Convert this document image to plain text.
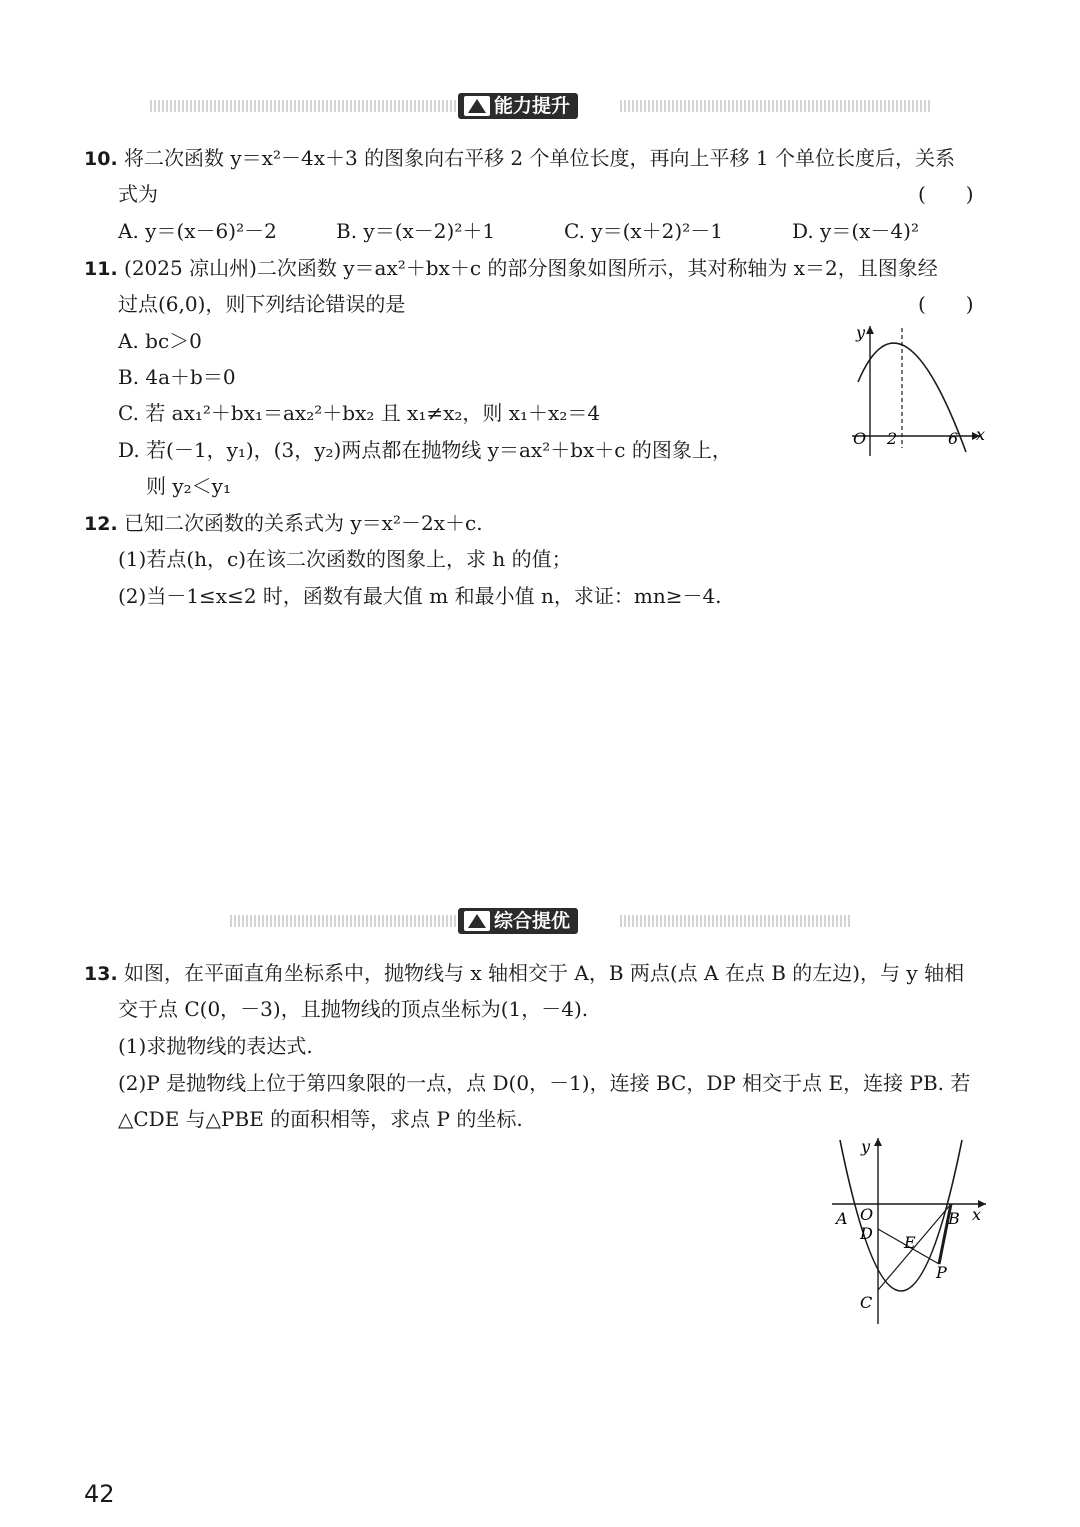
能力提升
10. 将二次函数 y＝x²－4x＋3 的图象向右平移 2 个单位长度，再向上平移 1 个单位长度后，关系
式为	(　　)
A. y＝(x－6)²－2	B. y＝(x－2)²＋1	C. y＝(x＋2)²－1	D. y＝(x－4)²
11. (2025 凉山州)二次函数 y＝ax²＋bx＋c 的部分图象如图所示，其对称轴为 x＝2，且图象经
过点(6,0)，则下列结论错误的是	(　　)
A. bc＞0
B. 4a＋b＝0
C. 若 ax₁²＋bx₁＝ax₂²＋bx₂ 且 x₁≠x₂，则 x₁＋x₂＝4
D. 若(－1，y₁)，(3，y₂)两点都在抛物线 y＝ax²＋bx＋c 的图象上，
则 y₂＜y₁
y
x
O 2	6
12. 已知二次函数的关系式为 y＝x²－2x＋c.
(1)若点(h，c)在该二次函数的图象上，求 h 的值；
(2)当－1≤x≤2 时，函数有最大值 m 和最小值 n，求证：mn≥－4.
综合提优
13. 如图，在平面直角坐标系中，抛物线与 x 轴相交于 A，B 两点(点 A 在点 B 的左边)，与 y 轴相
交于点 C(0，－3)，且抛物线的顶点坐标为(1，－4).
(1)求抛物线的表达式.
(2)P 是抛物线上位于第四象限的一点，点 D(0，－1)，连接 BC，DP 相交于点 E，连接 PB. 若
△CDE 与△PBE 的面积相等，求点 P 的坐标.
y
x
A O	B
D E
P
C
42
